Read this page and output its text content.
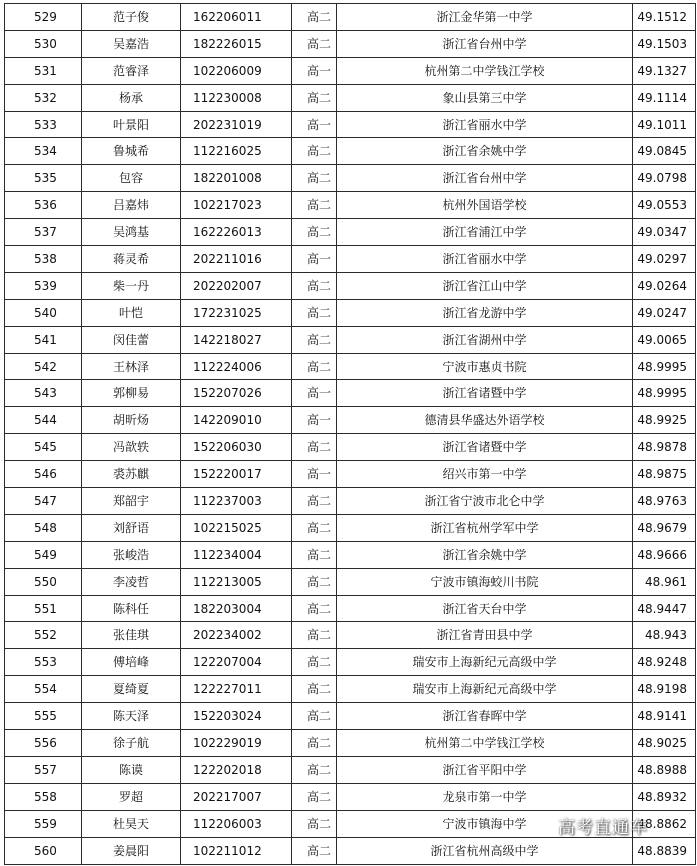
529	范子俊	162206011	高二	浙江金华第一中学	49.1512
530	吴嘉浩	182226015	高二	浙江省台州中学	49.1503
531	范睿泽	102206009	高一	杭州第二中学钱江学校	49.1327
532	杨承	112230008	高二	象山县第三中学	49.1114
533	叶景阳	202231019	高一	浙江省丽水中学	49.1011
534	鲁城希	112216025	高二	浙江省余姚中学	49.0845
535	包容	182201008	高二	浙江省台州中学	49.0798
536	吕嘉炜	102217023	高二	杭州外国语学校	49.0553
537	吴鸿基	162226013	高二	浙江省浦江中学	49.0347
538	蒋灵希	202211016	高一	浙江省丽水中学	49.0297
539	柴一丹	202202007	高二	浙江省江山中学	49.0264
540	叶恺	172231025	高二	浙江省龙游中学	49.0247
541	闵佳蕾	142218027	高二	浙江省湖州中学	49.0065
542	王林泽	112224006	高二	宁波市惠贞书院	48.9995
543	郭柳易	152207026	高一	浙江省诸暨中学	48.9995
544	胡昕炀	142209010	高一	德清县华盛达外语学校	48.9925
545	冯歆轶	152206030	高二	浙江省诸暨中学	48.9878
546	裘苏麒	152220017	高一	绍兴市第一中学	48.9875
547	郑韶宇	112237003	高二	浙江省宁波市北仑中学	48.9763
548	刘舒语	102215025	高二	浙江省杭州学军中学	48.9679
549	张峻浩	112234004	高二	浙江省余姚中学	48.9666
550	李凌哲	112213005	高二	宁波市镇海蛟川书院	48.961
551	陈科任	182203004	高二	浙江省天台中学	48.9447
552	张佳琪	202234002	高二	浙江省青田县中学	48.943
553	傅培峰	122207004	高二	瑞安市上海新纪元高级中学	48.9248
554	夏绮夏	122227011	高二	瑞安市上海新纪元高级中学	48.9198
555	陈天泽	152203024	高二	浙江省春晖中学	48.9141
556	徐子航	102229019	高二	杭州第二中学钱江学校	48.9025
557	陈谟	122202018	高二	浙江省平阳中学	48.8988
558	罗超	202217007	高二	龙泉市第一中学	48.8932
559	杜昊天	112206003	高二	宁波市镇海中学	48.8862
560	姜晨阳	102211012	高二	浙江省杭州高级中学	48.8839
高考直通车
